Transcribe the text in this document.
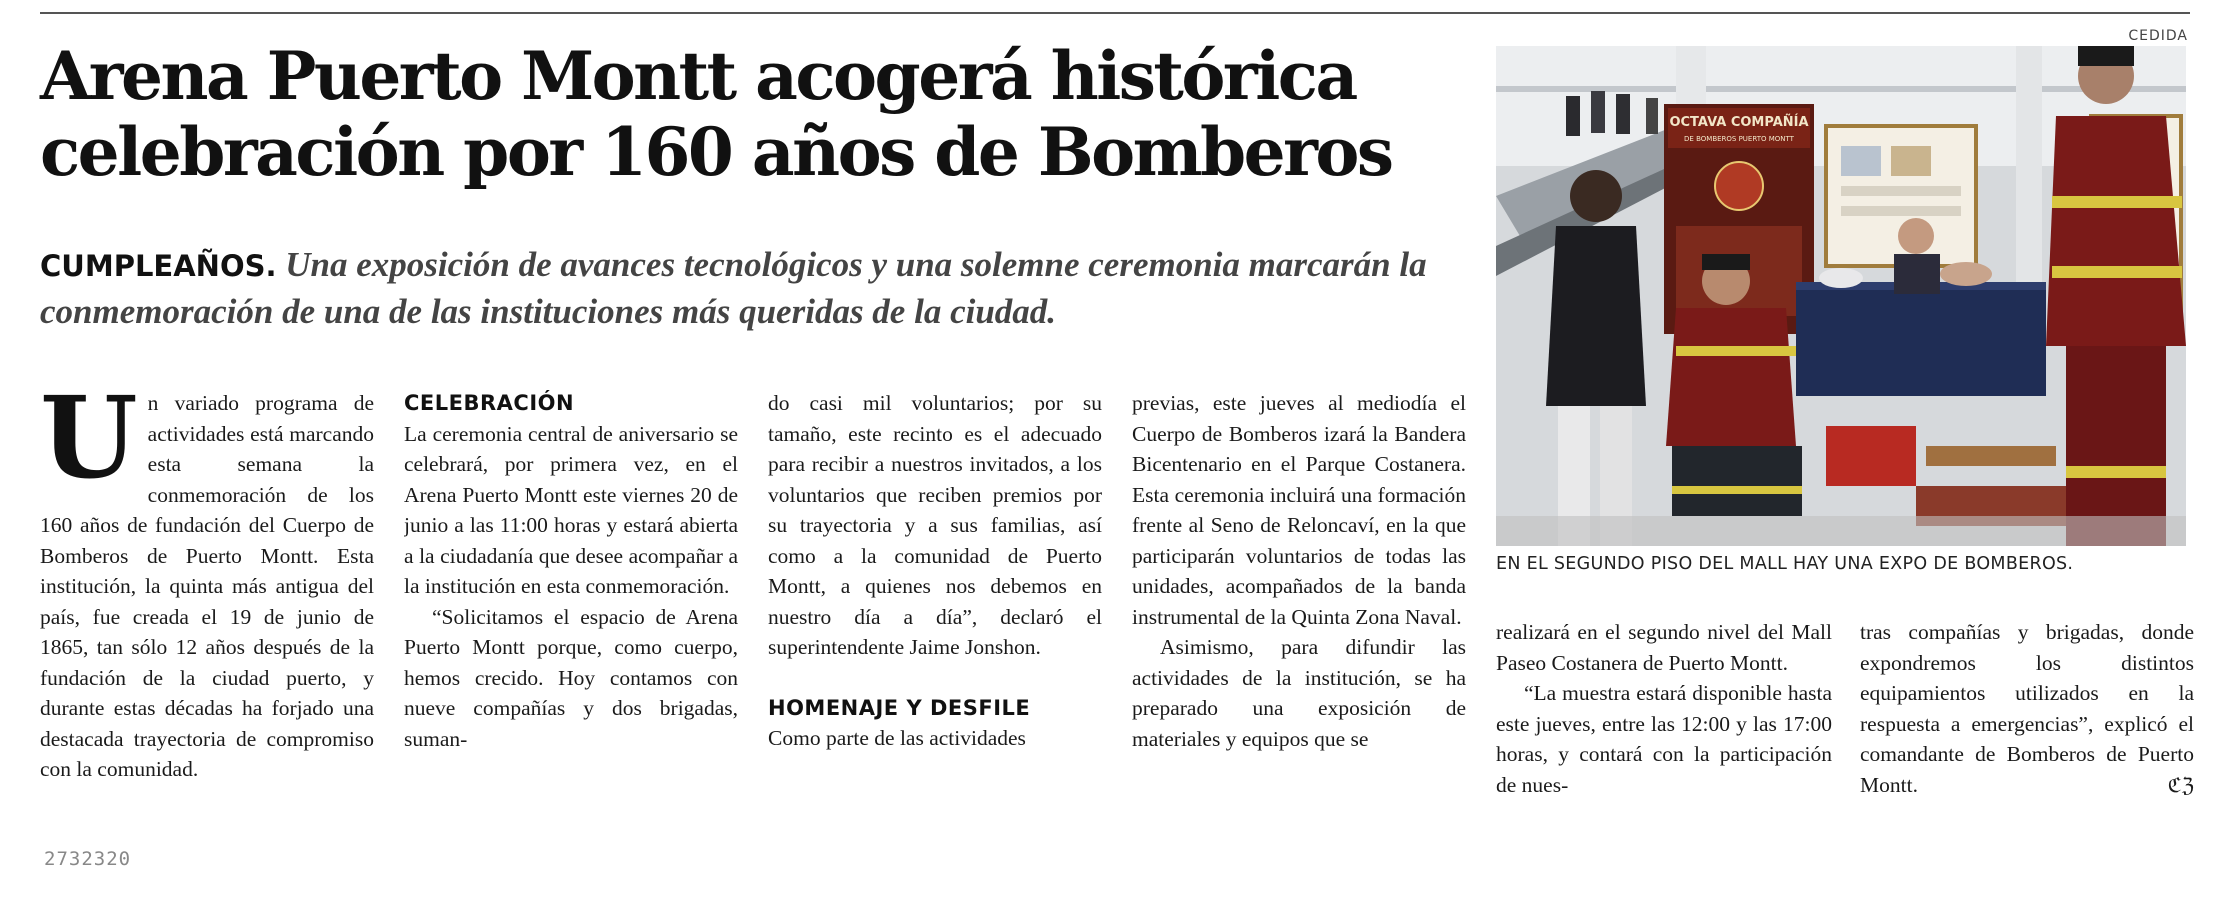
Arena Puerto Montt acogerá histórica celebración por 160 años de Bomberos
CUMPLEAÑOS. Una exposición de avances tecnológicos y una solemne ceremonia marcarán la conmemoración de una de las instituciones más queridas de la ciudad.
CEDIDA
OCTAVA COMPAÑÍA
DE BOMBEROS PUERTO MONTT
EN EL SEGUNDO PISO DEL MALL HAY UNA EXPO DE BOMBEROS.
U n variado programa de actividades está marcando esta semana la conmemoración de los 160 años de fundación del Cuerpo de Bomberos de Puerto Montt. Esta institución, la quinta más antigua del país, fue creada el 19 de junio de 1865, tan sólo 12 años después de la fundación de la ciudad puerto, y durante estas décadas ha forjado una destacada trayectoria de compromiso con la comunidad.

CELEBRACIÓN

La ceremonia central de aniversario se celebrará, por primera vez, en el Arena Puerto Montt este viernes 20 de junio a las 11:00 horas y estará abierta a la ciudadanía que desee acompañar a la institución en esta conmemoración.

“Solicitamos el espacio de Arena Puerto Montt porque, como cuerpo, hemos crecido. Hoy contamos con nueve compañías y dos brigadas, suman-

do casi mil voluntarios; por su tamaño, este recinto es el adecuado para recibir a nuestros invitados, a los voluntarios que reciben premios por su trayectoria y a sus familias, así como a la comunidad de Puerto Montt, a quienes nos debemos en nuestro día a día”, declaró el superintendente Jaime Jonshon.

HOMENAJE Y DESFILE

Como parte de las actividades

previas, este jueves al mediodía el Cuerpo de Bomberos izará la Bandera Bicentenario en el Parque Costanera. Esta ceremonia incluirá una formación frente al Seno de Reloncaví, en la que participarán voluntarios de todas las unidades, acompañados de la banda instrumental de la Quinta Zona Naval.

Asimismo, para difundir las actividades de la institución, se ha preparado una exposición de materiales y equipos que se

realizará en el segundo nivel del Mall Paseo Costanera de Puerto Montt.

“La muestra estará disponible hasta este jueves, entre las 12:00 y las 17:00 horas, y contará con la participación de nues-

tras compañías y brigadas, donde expondremos los distintos equipamientos utilizados en la respuesta a emergencias”, explicó el comandante de Bomberos de Puerto Montt.	ℭℨ

2732320
